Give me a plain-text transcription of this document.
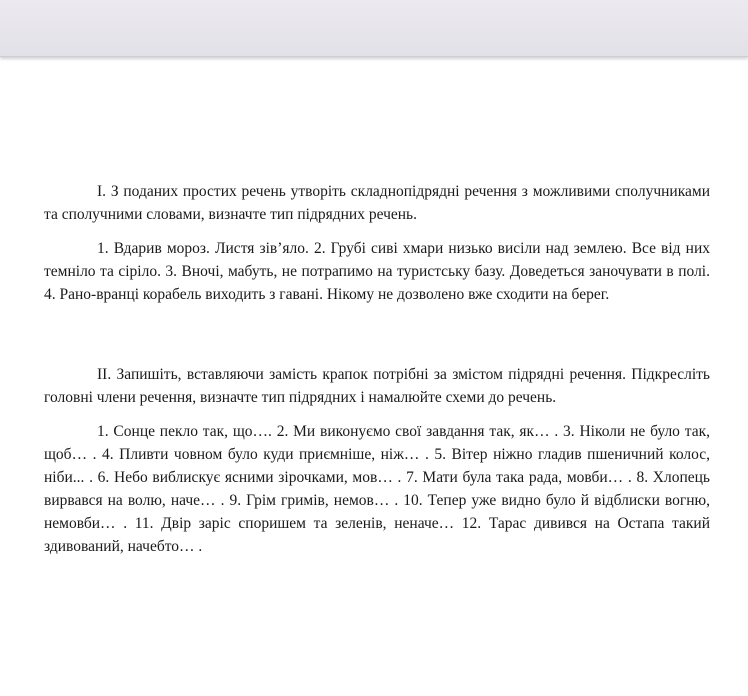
I. З поданих простих речень утворіть складнопідрядні речення з можливими сполучниками та сполучними словами, визначте тип підрядних речень.

1. Вдарив мороз. Листя зів’яло. 2. Грубі сиві хмари низько висіли над землею. Все від них темніло та сіріло. 3. Вночі, мабуть, не потрапимо на туристську базу. Доведеться заночувати в полі. 4. Рано-вранці корабель виходить з гавані. Нікому не дозволено вже сходити на берег.

II. Запишіть, вставляючи замість крапок потрібні за змістом підрядні речення. Підкресліть головні члени речення, визначте тип підрядних і намалюйте схеми до речень.

1. Сонце пекло так, що…. 2. Ми виконуємо свої завдання так, як… . 3. Ніколи не було так, щоб… . 4. Пливти човном було куди приємніше, ніж… . 5. Вітер ніжно гладив пшеничний колос, ніби... . 6. Небо виблискує ясними зірочками, мов… . 7. Мати була така рада, мовби… . 8. Хлопець вирвався на волю, наче… . 9. Грім гримів, немов… . 10. Тепер уже видно було й відблиски вогню, немовби… . 11. Двір заріс споришем та зеленів, неначе… 12. Тарас дивився на Остапа такий здивований, начебто… .
